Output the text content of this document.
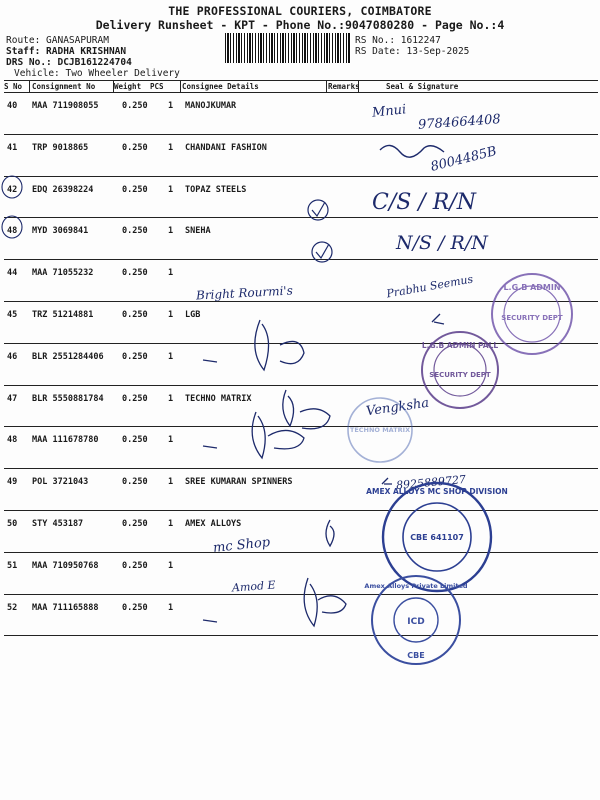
THE PROFESSIONAL COURIERS, COIMBATORE
Delivery Runsheet - KPT - Phone No.:9047080280 - Page No.:4
Route: GANASAPURAM
Staff: RADHA KRISHNAN
DRS No.: DCJB161224704
Vehicle: Two Wheeler Delivery
RS No.: 1612247
RS Date: 13-Sep-2025
S No Consignment No	Weight PCS Consignee Details	Remarks	Seal & Signature
40 MAA 711908055	0.250 1 MANOJKUMAR
41 TRP 9018865	0.250 1 CHANDANI FASHION
42 EDQ 26398224	0.250 1 TOPAZ STEELS
48 MYD 3069841	0.250 1 SNEHA
44 MAA 71055232	0.250 1
45 TRZ 51214881	0.250 1 LGB
46 BLR 2551284406 0.250 1
47 BLR 5550881784 0.250 1 TECHNO MATRIX
48 MAA 111678780	0.250 1
49 POL 3721043	0.250 1 SREE KUMARAN SPINNERS
50 STY 453187	0.250 1 AMEX ALLOYS
51 MAA 710950768	0.250 1
52 MAA 711165888	0.250 1
Mnui
9784664408
8004485B
C/S / R/N
N/S / R/N
Bright Rourmi's	Prabhu Seemus
Vengksha
8925889727
mc Shop
Amod E
L.G.B ADMIN
SECURITY DEPT
L.G.B ADMIN PALL
SECURITY DEPT
TECHNO MATRIX
AMEX ALLOYS MC SHOP DIVISION
CBE 641107
Amex Alloys Private Limited
ICD
CBE
